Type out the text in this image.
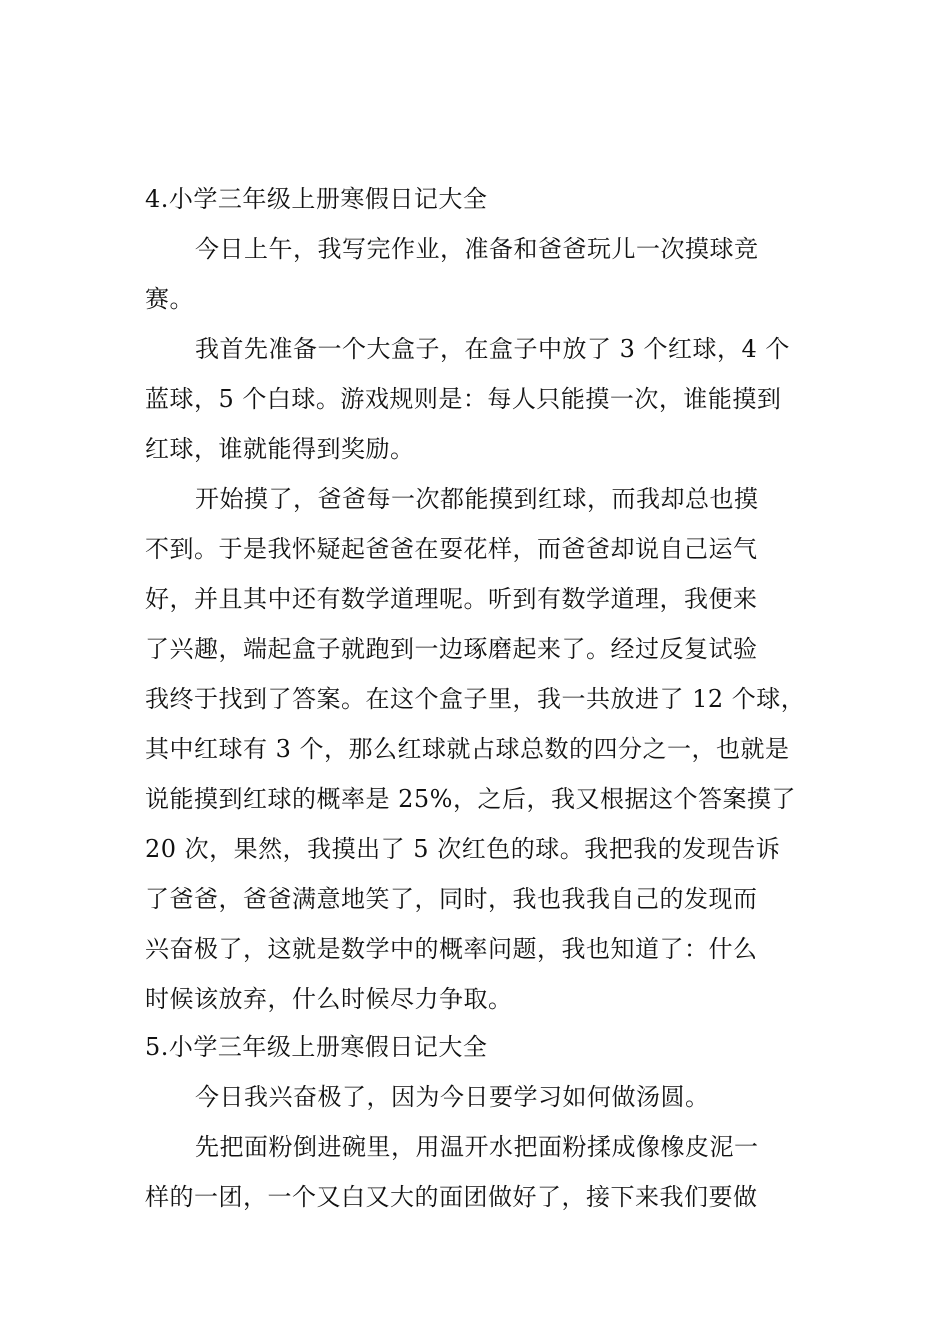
4.小学三年级上册寒假日记大全
今日上午，我写完作业，准备和爸爸玩儿一次摸球竞
赛。
我首先准备一个大盒子，在盒子中放了 3 个红球，4 个
蓝球，5 个白球。游戏规则是：每人只能摸一次，谁能摸到
红球，谁就能得到奖励。
开始摸了，爸爸每一次都能摸到红球，而我却总也摸
不到。于是我怀疑起爸爸在耍花样，而爸爸却说自己运气
好，并且其中还有数学道理呢。听到有数学道理，我便来
了兴趣，端起盒子就跑到一边琢磨起来了。经过反复试验
我终于找到了答案。在这个盒子里，我一共放进了 12 个球，
其中红球有 3 个，那么红球就占球总数的四分之一，也就是
说能摸到红球的概率是 25%，之后，我又根据这个答案摸了
20 次，果然，我摸出了 5 次红色的球。我把我的发现告诉
了爸爸，爸爸满意地笑了，同时，我也我我自己的发现而
兴奋极了，这就是数学中的概率问题，我也知道了：什么
时候该放弃，什么时候尽力争取。
5.小学三年级上册寒假日记大全
今日我兴奋极了，因为今日要学习如何做汤圆。
先把面粉倒进碗里，用温开水把面粉揉成像橡皮泥一
样的一团，一个又白又大的面团做好了，接下来我们要做
